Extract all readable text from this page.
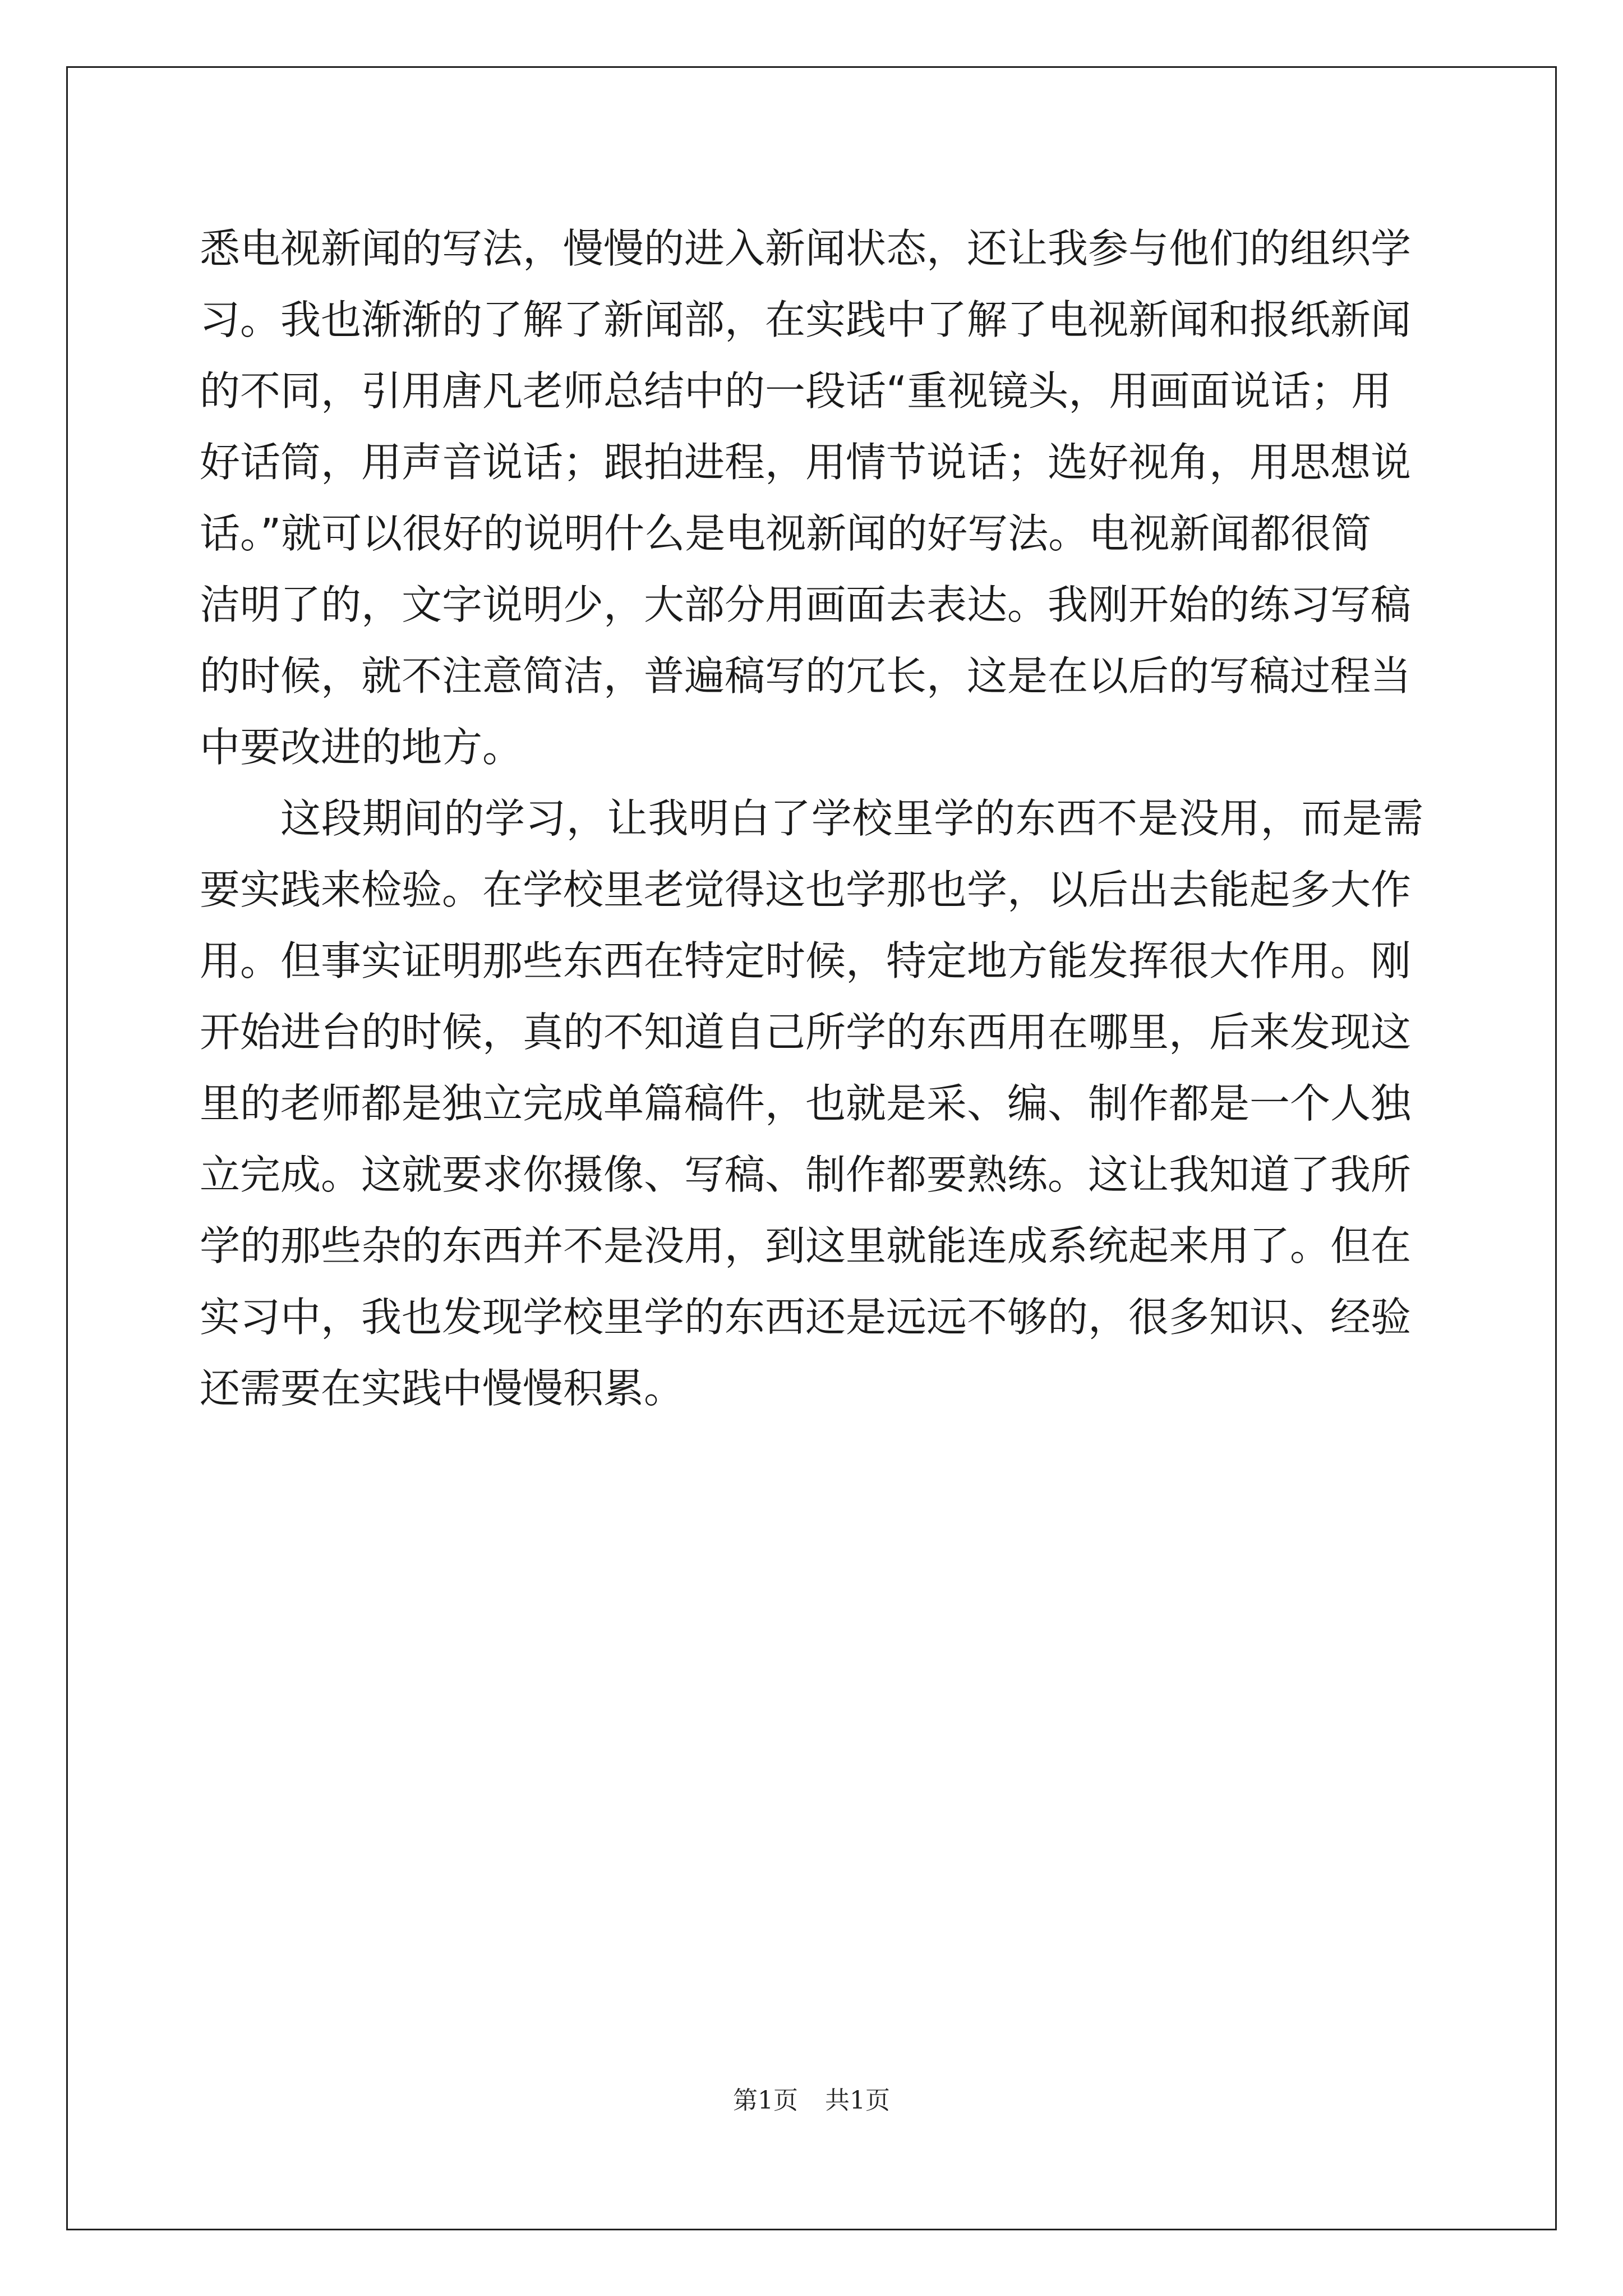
悉电视新闻的写法，慢慢的进入新闻状态，还让我参与他们的组织学
习。我也渐渐的了解了新闻部，在实践中了解了电视新闻和报纸新闻
的不同，引用唐凡老师总结中的一段话“重视镜头，用画面说话；用
好话筒，用声音说话；跟拍进程，用情节说话；选好视角，用思想说
话。”就可以很好的说明什么是电视新闻的好写法。电视新闻都很简
洁明了的，文字说明少，大部分用画面去表达。我刚开始的练习写稿
的时候，就不注意简洁，普遍稿写的冗长，这是在以后的写稿过程当
中要改进的地方。
这段期间的学习，让我明白了学校里学的东西不是没用，而是需
要实践来检验。在学校里老觉得这也学那也学，以后出去能起多大作
用。但事实证明那些东西在特定时候，特定地方能发挥很大作用。刚
开始进台的时候，真的不知道自己所学的东西用在哪里，后来发现这
里的老师都是独立完成单篇稿件，也就是采、编、制作都是一个人独
立完成。这就要求你摄像、写稿、制作都要熟练。这让我知道了我所
学的那些杂的东西并不是没用，到这里就能连成系统起来用了。但在
实习中，我也发现学校里学的东西还是远远不够的，很多知识、经验
还需要在实践中慢慢积累。
第1页 共1页
